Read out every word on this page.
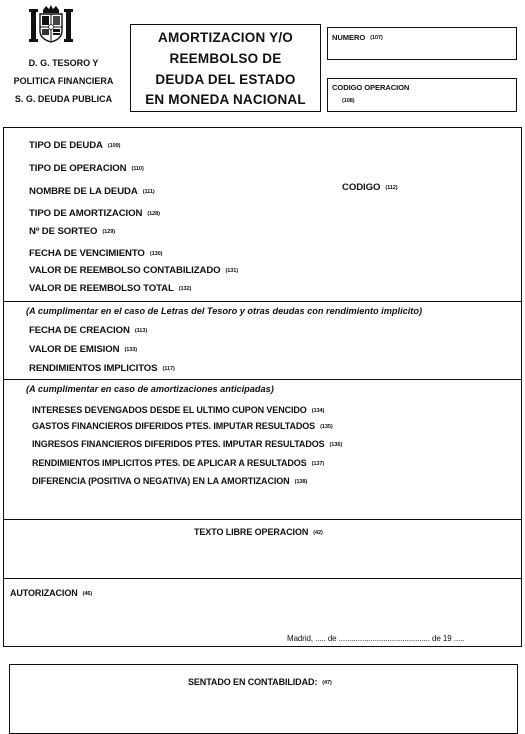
D. G. TESORO Y
POLITICA FINANCIERA
S. G. DEUDA PUBLICA
AMORTIZACION Y/O
REEMBOLSO DE
DEUDA DEL ESTADO
EN MONEDA NACIONAL
NUMERO (107)
CODIGO OPERACION
(108)
TIPO DE DEUDA (109)
TIPO DE OPERACION (110)
NOMBRE DE LA DEUDA (111)	CODIGO (112)
TIPO DE AMORTIZACION (128)
Nº DE SORTEO (129)
FECHA DE VENCIMIENTO (130)
VALOR DE REEMBOLSO CONTABILIZADO (131)
VALOR DE REEMBOLSO TOTAL (132)
(A cumplimentar en el caso de Letras del Tesoro y otras deudas con rendimiento implícito)
FECHA DE CREACION (113)
VALOR DE EMISION (133)
RENDIMIENTOS IMPLICITOS (117)
(A cumplimentar en caso de amortizaciones anticipadas)
INTERESES DEVENGADOS DESDE EL ULTIMO CUPON VENCIDO (134)
GASTOS FINANCIEROS DIFERIDOS PTES. IMPUTAR RESULTADOS (135)
INGRESOS FINANCIEROS DIFERIDOS PTES. IMPUTAR RESULTADOS (136)
RENDIMIENTOS IMPLICITOS PTES. DE APLICAR A RESULTADOS (137)
DIFERENCIA (POSITIVA O NEGATIVA) EN LA AMORTIZACION (138)
TEXTO LIBRE OPERACION (42)
AUTORIZACION (46)
Madrid, ..... de ........................................... de 19 .....
SENTADO EN CONTABILIDAD: (47)
